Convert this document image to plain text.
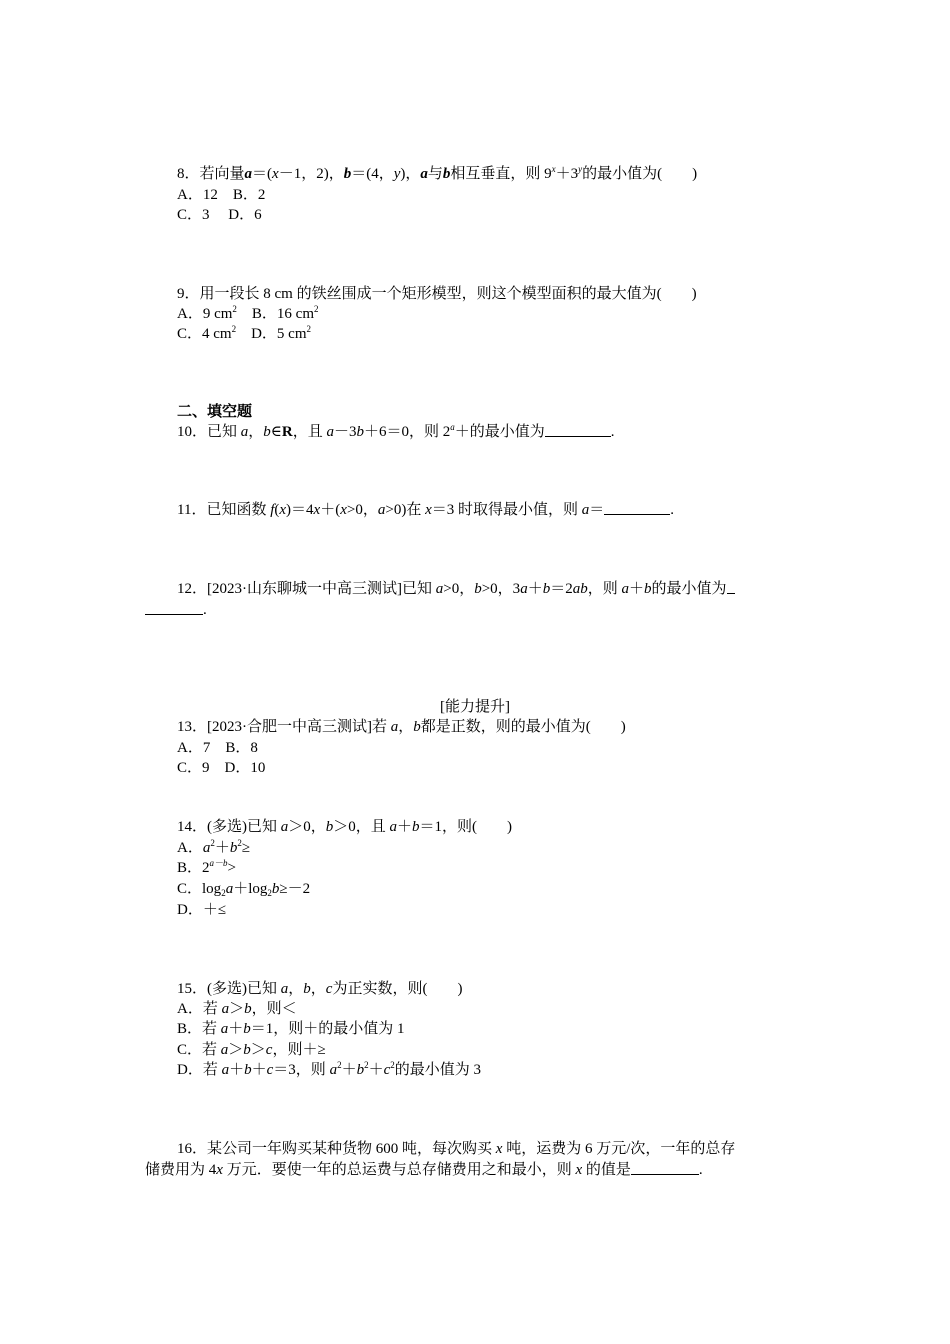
8．若向量a＝(x－1，2)，b＝(4，y)，a与b相互垂直，则 $9^x+3^y$的最小值为(　　)
A．12　B．2
C．3　 D．6
9．用一段长 8 cm 的铁丝围成一个矩形模型，则这个模型面积的最大值为(　　)
A．9 $cm^2$　B．16 $cm^2$
C．4 $cm^2$　D．5 $cm^2$
二、填空题
10．已知 a，b∈R，且 a－3b＋6＝0，则 $2^a+$的最小值为	.
11．已知函数 f(x)＝4x＋(x>0，a>0)在 x＝3 时取得最小值，则 a＝	.
12．[2023·山东聊城一中高三测试]已知 a>0，b>0，3a＋b＝2ab，则 a＋b的最小值为
.
[能力提升]
13．[2023·合肥一中高三测试]若 a，b都是正数，则的最小值为(　　)
A．7　B．8
C．9　D．10
14．(多选)已知 a＞0，b＞0，且 a＋b＝1，则(　　)
A．$a^2+b^2\ge$
B．$2^{a-b}>$
C．$\log_2a+\log_2b\ge-2$
D．＋≤
15．(多选)已知 a，b，c为正实数，则(　　)
A．若 a＞b，则＜
B．若 a＋b＝1，则＋的最小值为 1
C．若 a＞b＞c，则＋≥
D．若 a＋b＋c＝3，则 $a^2+b^2+c^2$的最小值为 3
16．某公司一年购买某种货物 600 吨，每次购买 x 吨，运费为 6 万元/次，一年的总存
储费用为 4x 万元．要使一年的总运费与总存储费用之和最小，则 x 的值是	.
